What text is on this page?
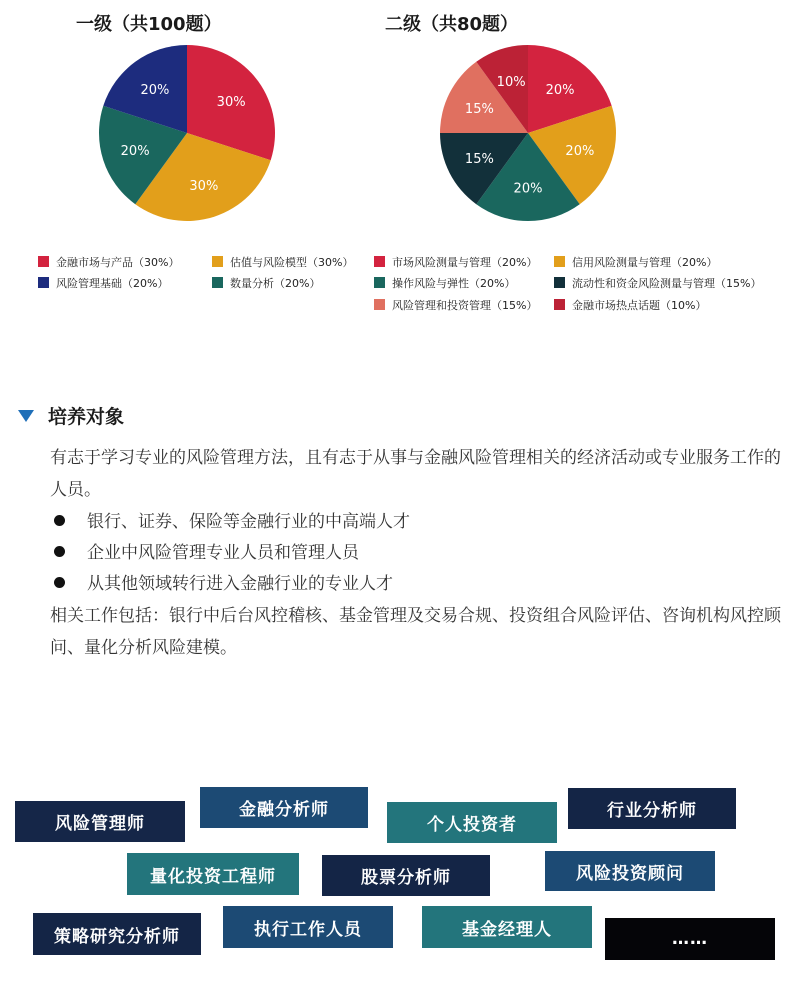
一级（共100题）
30%
30%
20%
20%
二级（共80题）
20%
20%
20%
15%
15%
10%
金融市场与产品（30%）	估值与风险模型（30%）
风险管理基础（20%）	数量分析（20%）
市场风险测量与管理（20%）	信用风险测量与管理（20%）
操作风险与弹性（20%）	流动性和资金风险测量与管理（15%）
风险管理和投资管理（15%）	金融市场热点话题（10%）
培养对象
有志于学习专业的风险管理方法，且有志于从事与金融风险管理相关的经济活动或专业服务工作的人员。
银行、证券、保险等金融行业的中高端人才
企业中风险管理专业人员和管理人员
从其他领域转行进入金融行业的专业人才
相关工作包括：银行中后台风控稽核、基金管理及交易合规、投资组合风险评估、咨询机构风控顾问、量化分析风险建模。
风险管理师
金融分析师
个人投资者
行业分析师
量化投资工程师	股票分析师	风险投资顾问
策略研究分析师	执行工作人员	基金经理人	……
